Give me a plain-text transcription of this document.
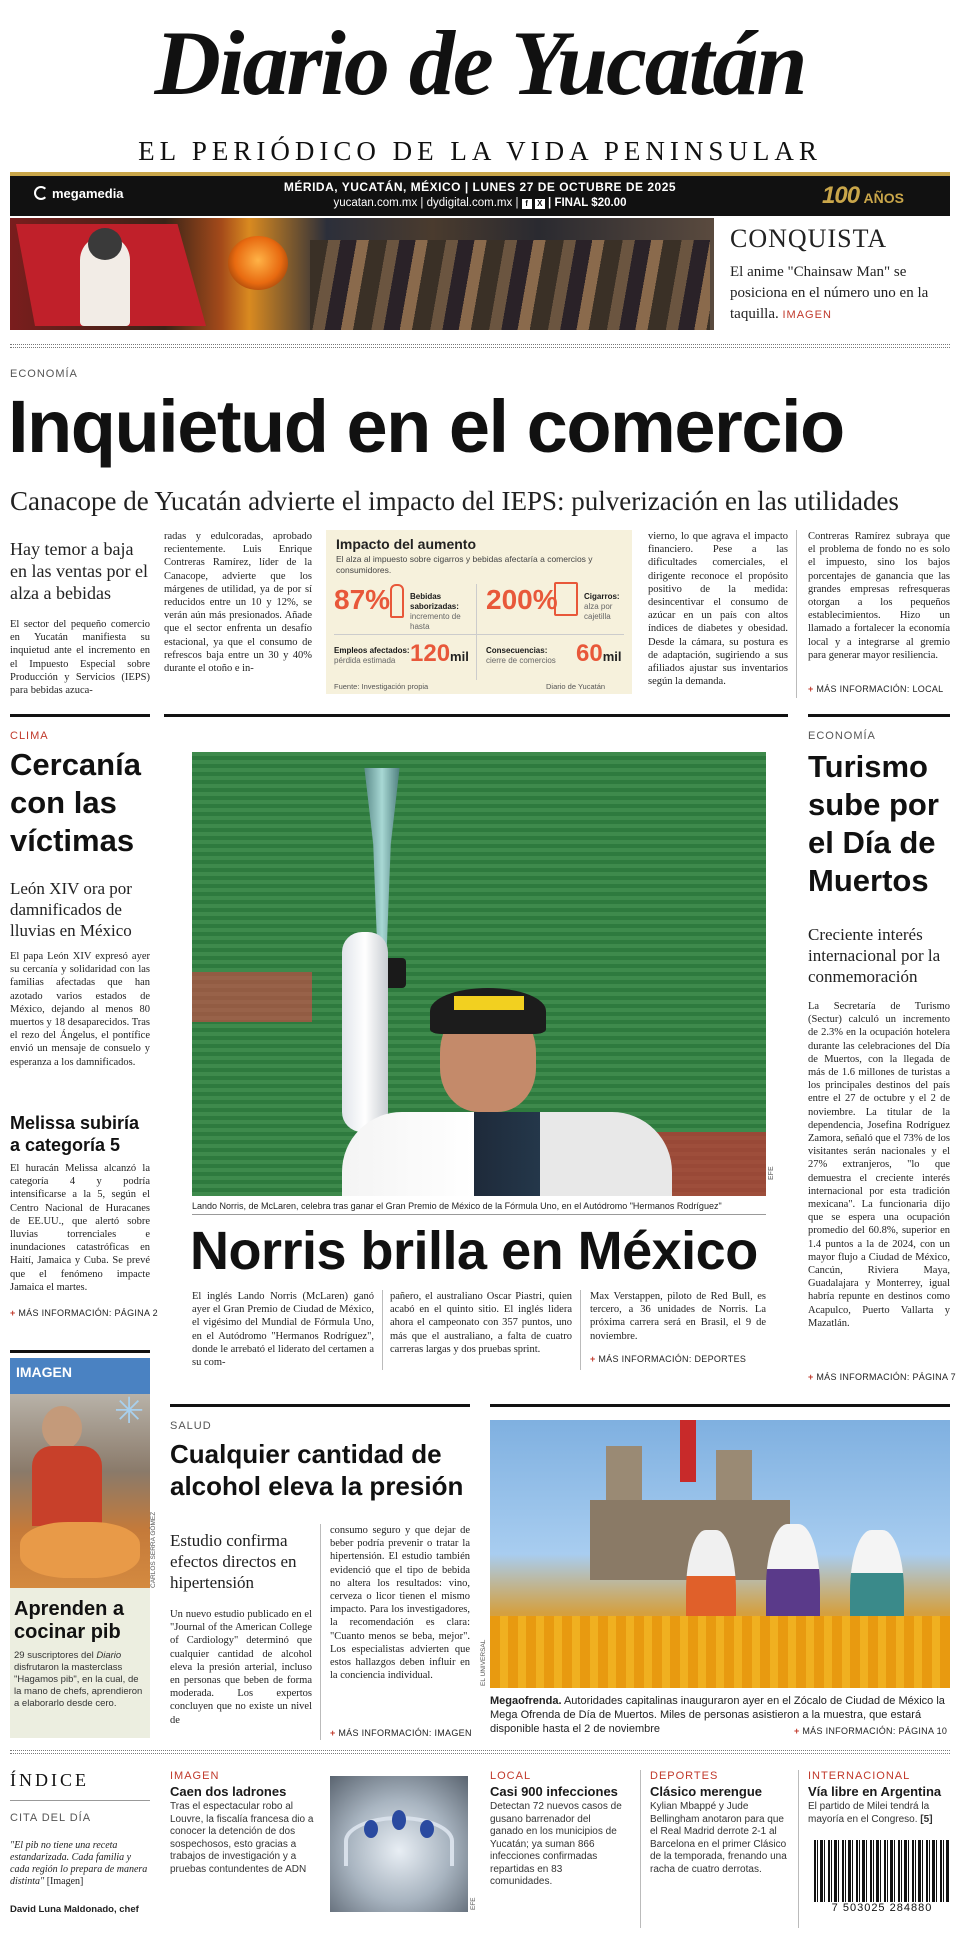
Diario de Yucatán
EL PERIÓDICO DE LA VIDA PENINSULAR
megamedia	MÉRIDA, YUCATÁN, MÉXICO | LUNES 27 DE OCTUBRE DE 2025
yucatan.com.mx | dydigital.com.mx | f X | FINAL $20.00	100 AÑOS
CONQUISTA
El anime "Chainsaw Man" se posiciona en el número uno en la taquilla. IMAGEN
ECONOMÍA
Inquietud en el comercio
Canacope de Yucatán advierte el impacto del IEPS: pulverización en las utilidades
Hay temor a baja en las ventas por el alza a bebidas
El sector del pequeño comercio en Yucatán manifiesta su inquietud ante el incremento en el Impuesto Especial sobre Producción y Servicios (IEPS) para bebidas azuca-
radas y edulcoradas, aprobado recientemente. Luis Enrique Contreras Ramírez, líder de la Canacope, advierte que los márgenes de utilidad, ya de por sí reducidos entre un 10 y 12%, se verán aún más presionados. Añade que el sector enfrenta un desafío estacional, ya que el consumo de refrescos baja entre un 30 y 40% durante el otoño e in-
Impacto del aumento
El alza al impuesto sobre cigarros y bebidas afectaría a comercios y consumidores.
87% Bebidas saborizadas:
incremento de hasta
200%	Cigarros:
alza por cajetilla
Empleos afectados:
pérdida estimada 120mil Consecuencias:
cierre de comercios 60mil
Fuente: Investigación propia	Diario de Yucatán
vierno, lo que agrava el impacto financiero. Pese a las dificultades comerciales, el dirigente reconoce el propósito positivo de la medida: desincentivar el consumo de azúcar en un país con altos índices de diabetes y obesidad. Desde la cámara, su postura es de adaptación, sugiriendo a sus afiliados ajustar sus inventarios según la demanda.
Contreras Ramírez subraya que el problema de fondo no es solo el impuesto, sino los bajos porcentajes de ganancia que las grandes empresas refresqueras otorgan a los pequeños establecimientos. Hizo un llamado a fortalecer la economía local y a integrarse al gremio para generar mayor resiliencia.
+ MÁS INFORMACIÓN: LOCAL
CLIMA
Cercanía con las víctimas
León XIV ora por damnificados de lluvias en México
El papa León XIV expresó ayer su cercanía y solidaridad con las familias afectadas que han azotado varios estados de México, dejando al menos 80 muertos y 18 desaparecidos. Tras el rezo del Ángelus, el pontífice envió un mensaje de consuelo y esperanza a los damnificados.
Melissa subiría a categoría 5
El huracán Melissa alcanzó la categoría 4 y podría intensificarse a la 5, según el Centro Nacional de Huracanes de EE.UU., que alertó sobre lluvias torrenciales e inundaciones catastróficas en Haití, Jamaica y Cuba. Se prevé que el fenómeno impacte Jamaica el martes.
+ MÁS INFORMACIÓN: PÁGINA 2
EFE
Lando Norris, de McLaren, celebra tras ganar el Gran Premio de México de la Fórmula Uno, en el Autódromo "Hermanos Rodríguez"
Norris brilla en México
El inglés Lando Norris (McLaren) ganó ayer el Gran Premio de Ciudad de México, el vigésimo del Mundial de Fórmula Uno, en el Autódromo "Hermanos Rodríguez", donde le arrebató el liderato del certamen a su com-
pañero, el australiano Oscar Piastri, quien acabó en el quinto sitio. El inglés lidera ahora el campeonato con 357 puntos, uno más que el australiano, a falta de cuatro carreras largas y dos pruebas sprint.
Max Verstappen, piloto de Red Bull, es tercero, a 36 unidades de Norris. La próxima carrera será en Brasil, el 9 de noviembre.
+ MÁS INFORMACIÓN: DEPORTES
ECONOMÍA
Turismo sube por el Día de Muertos
Creciente interés internacional por la conmemoración
La Secretaría de Turismo (Sectur) calculó un incremento de 2.3% en la ocupación hotelera durante las celebraciones del Día de Muertos, con la llegada de más de 1.6 millones de turistas a los principales destinos del país entre el 27 de octubre y el 2 de noviembre. La titular de la dependencia, Josefina Rodríguez Zamora, señaló que el 73% de los visitantes serán nacionales y el 27% extranjeros, "lo que demuestra el creciente interés internacional por esta tradición mexicana". La funcionaria dijo que se espera una ocupación promedio del 60.8%, superior en 1.4 puntos a la de 2024, con un mayor flujo a Ciudad de México, Cancún, Riviera Maya, Guadalajara y Monterrey, igual habría repunte en destinos como Acapulco, Puerto Vallarta y Mazatlán.
+ MÁS INFORMACIÓN: PÁGINA 7
IMAGEN
✳
CARLOS SERRA GÓMEZ
Aprenden a cocinar pib
29 suscriptores del Diario disfrutaron la masterclass "Hagamos pib", en la cual, de la mano de chefs, aprendieron a elaborarlo desde cero.
SALUD
Cualquier cantidad de alcohol eleva la presión
Estudio confirma efectos directos en hipertensión
Un nuevo estudio publicado en el "Journal of the American College of Cardiology" determinó que cualquier cantidad de alcohol eleva la presión arterial, incluso en personas que beben de forma moderada. Los expertos concluyen que no existe un nivel de
consumo seguro y que dejar de beber podría prevenir o tratar la hipertensión. El estudio también evidenció que el tipo de bebida no altera los resultados: vino, cerveza o licor tienen el mismo impacto. Para los investigadores, la recomendación es clara: "Cuanto menos se beba, mejor". Los especialistas advierten que estos hallazgos deben influir en la conciencia individual.
+ MÁS INFORMACIÓN: IMAGEN
EL UNIVERSAL
Megaofrenda. Autoridades capitalinas inauguraron ayer en el Zócalo de Ciudad de México la Mega Ofrenda de Día de Muertos. Miles de personas asistieron a la muestra, que estará disponible hasta el 2 de noviembre
+	MÁS INFORMACIÓN: PÁGINA 10
ÍNDICE
CITA DEL DÍA
"El pib no tiene una receta estandarizada. Cada familia y cada región lo prepara de manera distinta" [Imagen]
David Luna Maldonado, chef
IMAGEN
Caen dos ladrones
Tras el espectacular robo al Louvre, la fiscalía francesa dio a conocer la detención de dos sospechosos, esto gracias a trabajos de investigación y a pruebas contundentes de ADN
EFE
LOCAL
Casi 900 infecciones
Detectan 72 nuevos casos de gusano barrenador del ganado en los municipios de Yucatán; ya suman 866 infecciones confirmadas repartidas en 83 comunidades.
DEPORTES
Clásico merengue
Kylian Mbappé y Jude Bellingham anotaron para que el Real Madrid derrote 2-1 al Barcelona en el primer Clásico de la temporada, frenando una racha de cuatro derrotas.
INTERNACIONAL
Vía libre en Argentina
El partido de Milei tendrá la mayoría en el Congreso. [5]
7 503025 284880
